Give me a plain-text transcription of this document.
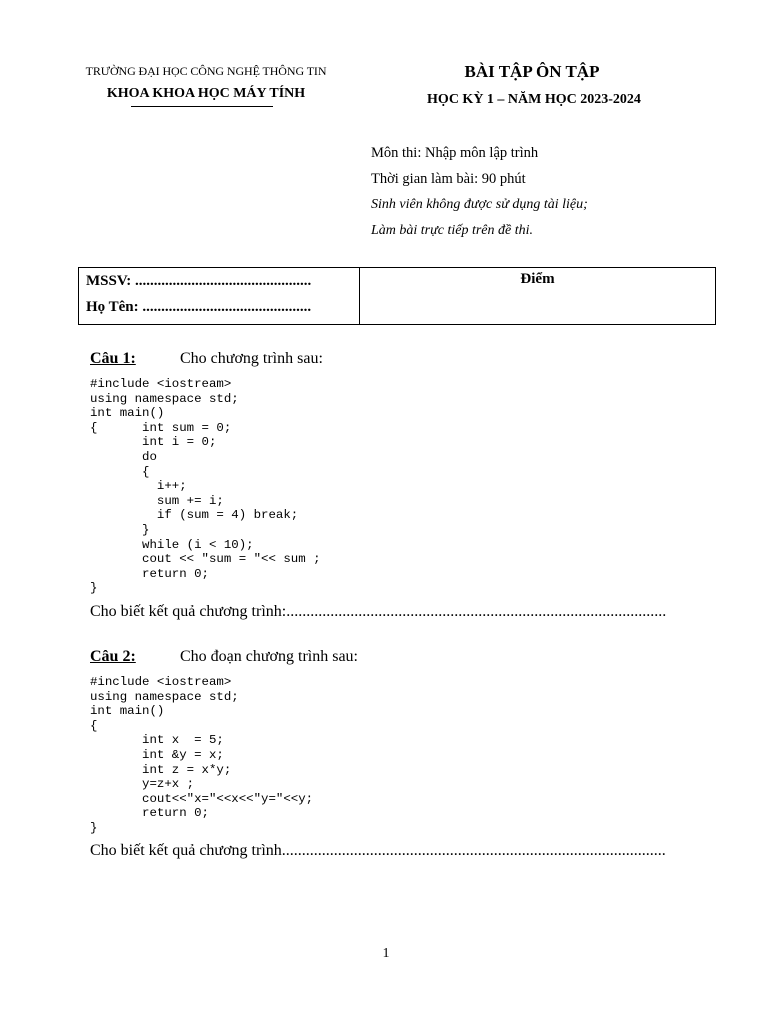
TRƯỜNG ĐẠI HỌC CÔNG NGHỆ THÔNG TIN
KHOA KHOA HỌC MÁY TÍNH
BÀI TẬP ÔN TẬP
HỌC KỲ 1 – NĂM HỌC 2023-2024
Môn thi: Nhập môn lập trình
Thời gian làm bài: 90 phút
Sinh viên không được sử dụng tài liệu;
Làm bài trực tiếp trên đề thi.
MSSV: ...............................................
Họ Tên: .............................................
	Điểm
Câu 1:	Cho chương trình sau:
#include <iostream>
using namespace std;
int main()
{      int sum = 0;
int i = 0;
do
{
i++;
sum += i;
if (sum = 4) break;
}
while (i < 10);
cout << "sum = "<< sum ;
return 0;
}
Cho biết kết quả chương trình:...............................................................................................
Câu 2:	Cho đoạn chương trình sau:
#include <iostream>
using namespace std;
int main()
{
int x  = 5;
int &y = x;
int z = x*y;
y=z+x ;
cout<<"x="<<x<<"y="<<y;
return 0;
}
Cho biết kết quả chương trình................................................................................................
1
